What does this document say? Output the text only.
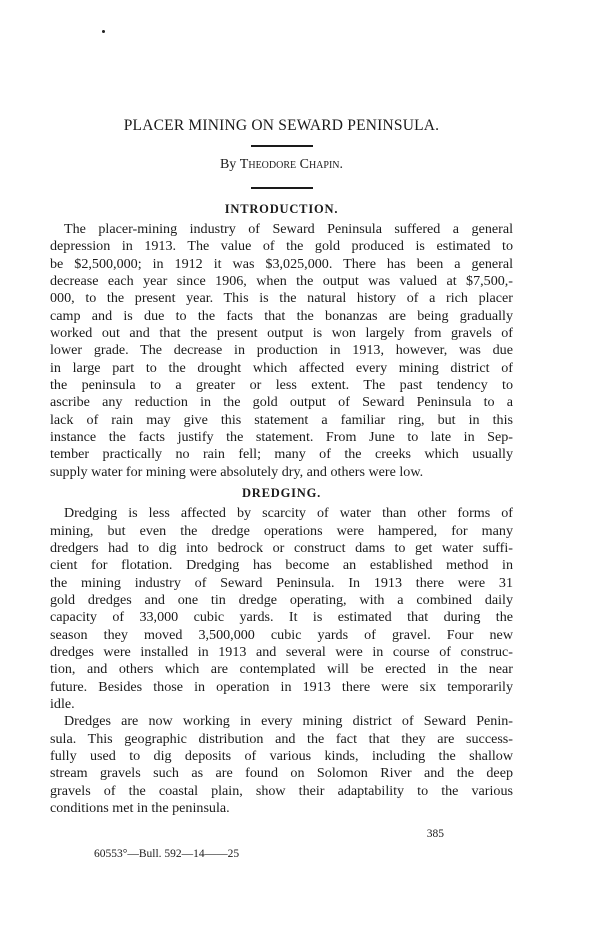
PLACER MINING ON SEWARD PENINSULA.
By Theodore Chapin.
INTRODUCTION.
The placer-mining industry of Seward Peninsula suffered a general
depression in 1913. The value of the gold produced is estimated to
be $2,500,000; in 1912 it was $3,025,000. There has been a general
decrease each year since 1906, when the output was valued at $7,500,-
000, to the present year. This is the natural history of a rich placer
camp and is due to the facts that the bonanzas are being gradually
worked out and that the present output is won largely from gravels of
lower grade. The decrease in production in 1913, however, was due
in large part to the drought which affected every mining district of
the peninsula to a greater or less extent. The past tendency to
ascribe any reduction in the gold output of Seward Peninsula to a
lack of rain may give this statement a familiar ring, but in this
instance the facts justify the statement. From June to late in Sep-
tember practically no rain fell; many of the creeks which usually
supply water for mining were absolutely dry, and others were low.
DREDGING.
Dredging is less affected by scarcity of water than other forms of
mining, but even the dredge operations were hampered, for many
dredgers had to dig into bedrock or construct dams to get water suffi-
cient for flotation. Dredging has become an established method in
the mining industry of Seward Peninsula. In 1913 there were 31
gold dredges and one tin dredge operating, with a combined daily
capacity of 33,000 cubic yards. It is estimated that during the
season they moved 3,500,000 cubic yards of gravel. Four new
dredges were installed in 1913 and several were in course of construc-
tion, and others which are contemplated will be erected in the near
future. Besides those in operation in 1913 there were six temporarily
idle.
Dredges are now working in every mining district of Seward Penin-
sula. This geographic distribution and the fact that they are success-
fully used to dig deposits of various kinds, including the shallow
stream gravels such as are found on Solomon River and the deep
gravels of the coastal plain, show their adaptability to the various
conditions met in the peninsula.
385
60553°—Bull. 592—14——25
